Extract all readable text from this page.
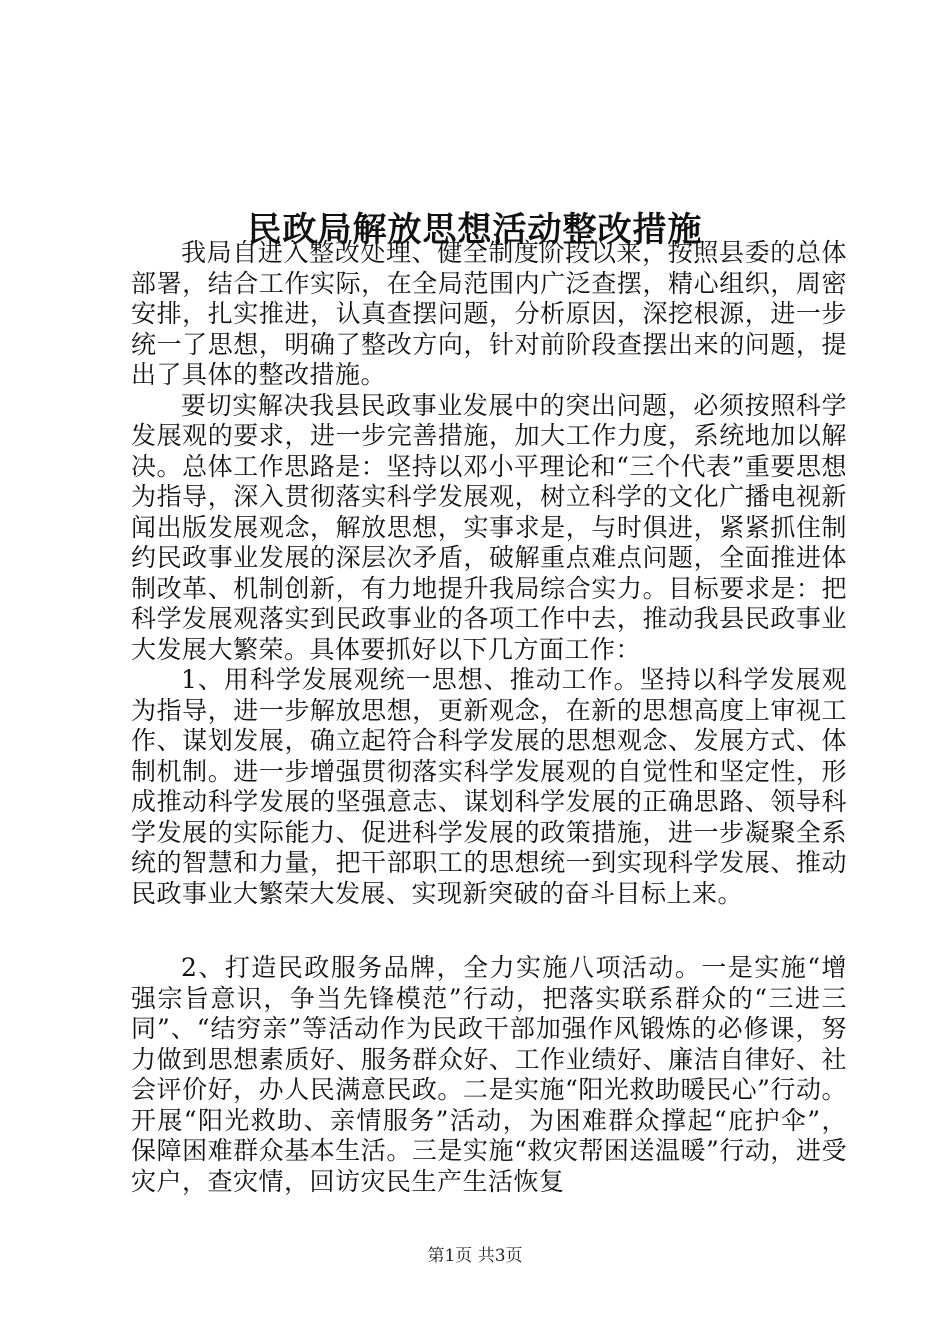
民政局解放思想活动整改措施

我局自进入整改处理、健全制度阶段以来，按照县委的总体部署，结合工作实际，在全局范围内广泛查摆，精心组织，周密安排，扎实推进，认真查摆问题，分析原因，深挖根源，进一步统一了思想，明确了整改方向，针对前阶段查摆出来的问题，提出了具体的整改措施。

要切实解决我县民政事业发展中的突出问题，必须按照科学发展观的要求，进一步完善措施，加大工作力度，系统地加以解决。总体工作思路是：坚持以邓小平理论和“三个代表”重要思想为指导，深入贯彻落实科学发展观，树立科学的文化广播电视新闻出版发展观念，解放思想，实事求是，与时俱进，紧紧抓住制约民政事业发展的深层次矛盾，破解重点难点问题，全面推进体制改革、机制创新，有力地提升我局综合实力。目标要求是：把科学发展观落实到民政事业的各项工作中去，推动我县民政事业大发展大繁荣。具体要抓好以下几方面工作：

1、用科学发展观统一思想、推动工作。坚持以科学发展观为指导，进一步解放思想，更新观念，在新的思想高度上审视工作、谋划发展，确立起符合科学发展的思想观念、发展方式、体制机制。进一步增强贯彻落实科学发展观的自觉性和坚定性，形成推动科学发展的坚强意志、谋划科学发展的正确思路、领导科学发展的实际能力、促进科学发展的政策措施，进一步凝聚全系统的智慧和力量，把干部职工的思想统一到实现科学发展、推动民政事业大繁荣大发展、实现新突破的奋斗目标上来。

2、打造民政服务品牌，全力实施八项活动。一是实施“增强宗旨意识，争当先锋模范”行动，把落实联系群众的“三进三同”、“结穷亲”等活动作为民政干部加强作风锻炼的必修课，努力做到思想素质好、服务群众好、工作业绩好、廉洁自律好、社会评价好，办人民满意民政。二是实施“阳光救助暖民心”行动。开展“阳光救助、亲情服务”活动，为困难群众撑起“庇护伞”，保障困难群众基本生活。三是实施“救灾帮困送温暖”行动，进受灾户，查灾情，回访灾民生产生活恢复

第1页 共3页
